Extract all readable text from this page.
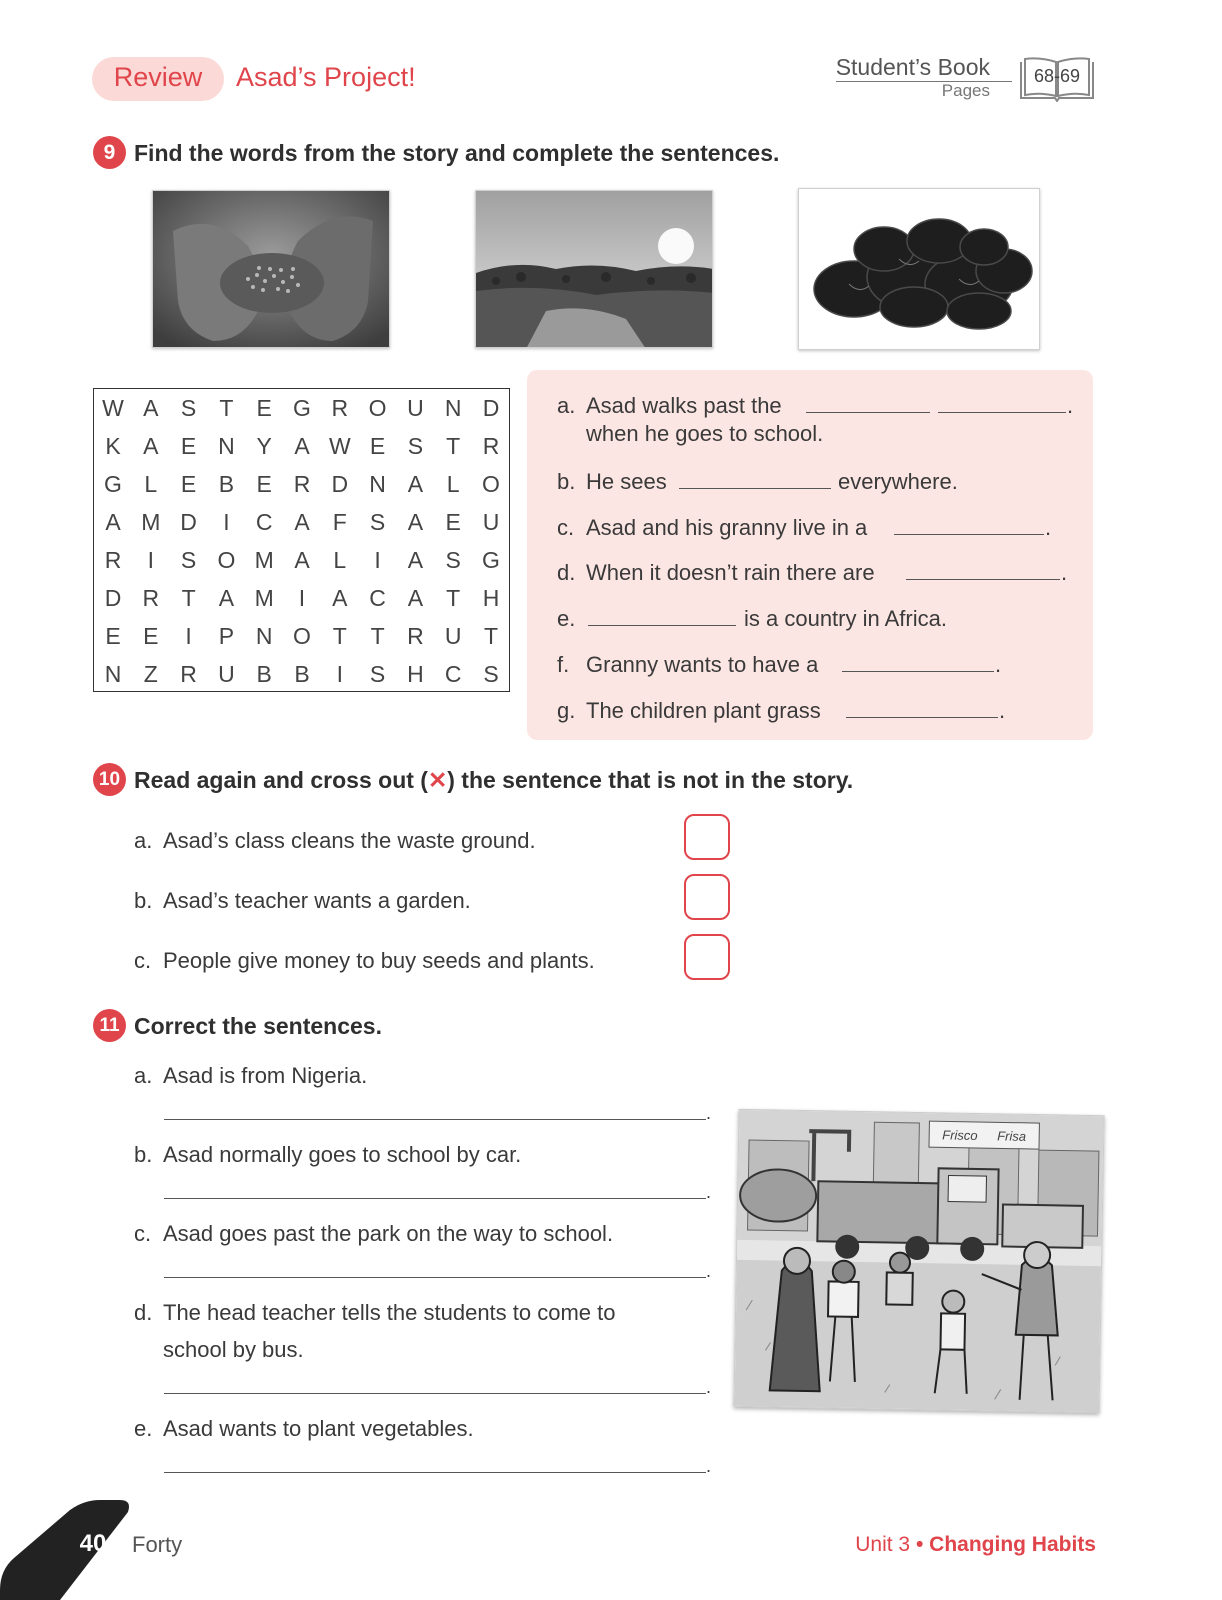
Review	Asad’s Project!	Student’s Book
Pages
68-69
9 Find the words from the story and complete the sentences.
W A S	T	E G R O U N D
K A E N Y A W E S	T R
G L	E B E R D N A	L O
A M D	I	C A	F	S A E U
R	I	S O M A	L	I	A S G
D R T	A M	I	A C A	T H
E E	I	P N O T	T R U T
N Z R U B B	I	S H C S
a. Asad walks past the	.
when he goes to school.
b. He sees	everywhere.
c. Asad and his granny live in a	.
d. When it doesn’t rain there are	.
e.	is a country in Africa.
f. Granny wants to have a	.
g. The children plant grass	.
10 Read again and cross out (✕) the sentence that is not in the story.
a. Asad’s class cleans the waste ground.
b. Asad’s teacher wants a garden.
c. People give money to buy seeds and plants.
11 Correct the sentences.
a. Asad is from Nigeria.
.
b. Asad normally goes to school by car.
.
c. Asad goes past the park on the way to school.
.
d. The head teacher tells the students to come to
school by bus.
.
e. Asad wants to plant vegetables.
.
Frisco Frisa
40	Forty	Unit 3 • Changing Habits
